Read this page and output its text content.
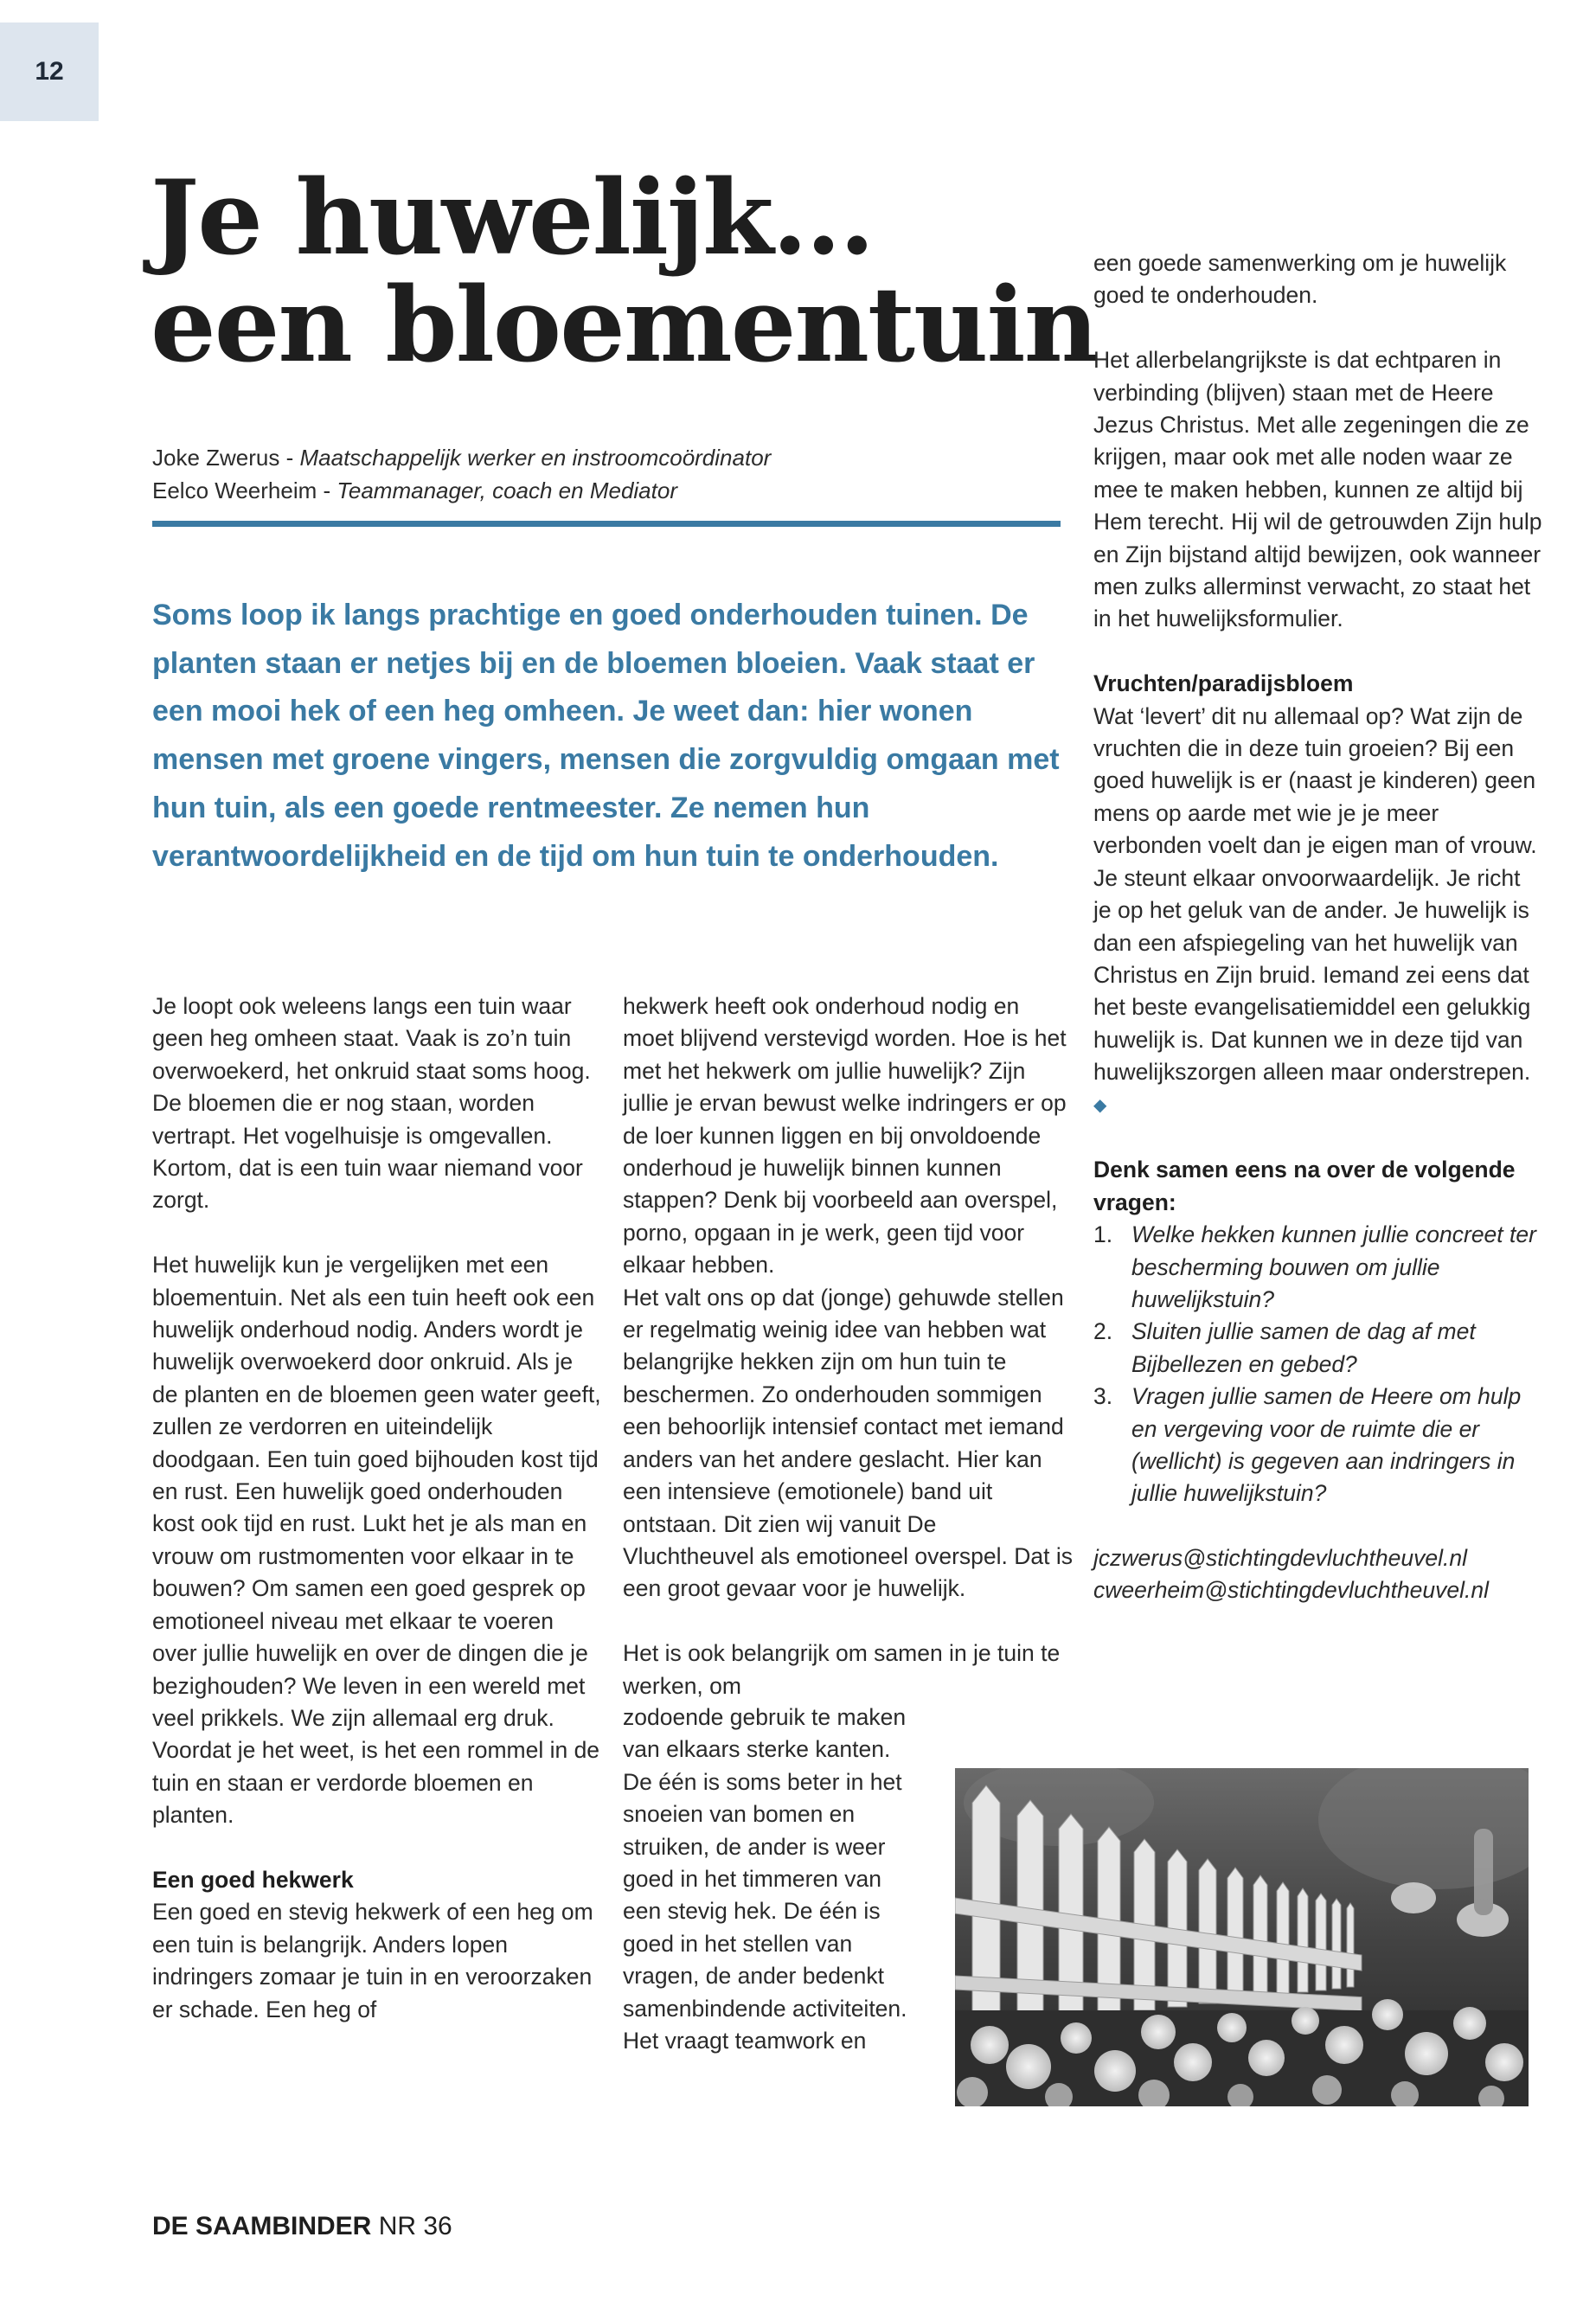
12
Je huwelijk…
een bloementuin
Joke Zwerus - Maatschappelijk werker en instroomcoördinator
Eelco Weerheim - Teammanager, coach en Mediator

Soms loop ik langs prachtige en goed onderhouden tuinen. De planten staan er netjes bij en de bloemen bloeien. Vaak staat er een mooi hek of een heg omheen. Je weet dan: hier wonen mensen met groene vingers, mensen die zorgvuldig omgaan met hun tuin, als een goede rentmeester. Ze nemen hun verantwoordelijkheid en de tijd om hun tuin te onderhouden.

Je loopt ook weleens langs een tuin waar geen heg omheen staat. Vaak is zo’n tuin overwoekerd, het onkruid staat soms hoog. De bloemen die er nog staan, worden vertrapt. Het vogelhuisje is omgevallen. Kortom, dat is een tuin waar niemand voor zorgt.

Het huwelijk kun je vergelijken met een bloementuin. Net als een tuin heeft ook een huwelijk onderhoud nodig. Anders wordt je huwelijk overwoekerd door onkruid. Als je de planten en de bloemen geen water geeft, zullen ze verdorren en uiteindelijk doodgaan. Een tuin goed bijhouden kost tijd en rust. Een huwelijk goed onderhouden kost ook tijd en rust. Lukt het je als man en vrouw om rustmomenten voor elkaar in te bouwen? Om samen een goed gesprek op emotioneel niveau met elkaar te voeren over jullie huwelijk en over de dingen die je bezighouden? We leven in een wereld met veel prikkels. We zijn allemaal erg druk. Voordat je het weet, is het een rommel in de tuin en staan er verdorde bloemen en planten.

Een goed hekwerk

Een goed en stevig hekwerk of een heg om een tuin is belangrijk. Anders lopen indringers zomaar je tuin in en veroorzaken er schade. Een heg of

hekwerk heeft ook onderhoud nodig en moet blijvend verstevigd worden. Hoe is het met het hekwerk om jullie huwelijk? Zijn jullie je ervan bewust welke indringers er op de loer kunnen liggen en bij onvoldoende onderhoud je huwelijk binnen kunnen stappen? Denk bij voorbeeld aan overspel, porno, opgaan in je werk, geen tijd voor elkaar hebben.

Het valt ons op dat (jonge) gehuwde stellen er regelmatig weinig idee van hebben wat belangrijke hekken zijn om hun tuin te beschermen. Zo onderhouden sommigen een behoorlijk intensief contact met iemand anders van het andere geslacht. Hier kan een intensieve (emotionele) band uit ontstaan. Dit zien wij vanuit De Vluchtheuvel als emotioneel overspel. Dat is een groot gevaar voor je huwelijk.

Het is ook belangrijk om samen in je tuin te werken, om

zodoende gebruik te maken van elkaars sterke kanten. De één is soms beter in het snoeien van bomen en struiken, de ander is weer goed in het timmeren van een stevig hek. De één is goed in het stellen van vragen, de ander bedenkt samenbindende activiteiten. Het vraagt teamwork en

een goede samenwerking om je huwelijk goed te onderhouden.

Het allerbelangrijkste is dat echtparen in verbinding (blijven) staan met de Heere Jezus Christus. Met alle zegeningen die ze krijgen, maar ook met alle noden waar ze mee te maken hebben, kunnen ze altijd bij Hem terecht. Hij wil de getrouwden Zijn hulp en Zijn bijstand altijd bewijzen, ook wanneer men zulks allerminst verwacht, zo staat het in het huwelijksformulier.

Vruchten/paradijsbloem

Wat ‘levert’ dit nu allemaal op? Wat zijn de vruchten die in deze tuin groeien? Bij een goed huwelijk is er (naast je kinderen) geen mens op aarde met wie je je meer verbonden voelt dan je eigen man of vrouw. Je steunt elkaar onvoorwaardelijk. Je richt je op het geluk van de ander. Je huwelijk is dan een afspiegeling van het huwelijk van Christus en Zijn bruid. Iemand zei eens dat het beste evangelisatiemiddel een gelukkig huwelijk is. Dat kunnen we in deze tijd van huwelijkszorgen alleen maar onderstrepen. ◆

Denk samen eens na over de volgende vragen:
1. Welke hekken kunnen jullie concreet ter bescherming bouwen om jullie huwelijkstuin?
2. Sluiten jullie samen de dag af met Bijbellezen en gebed?
3. Vragen jullie samen de Heere om hulp en vergeving voor de ruimte die er (wellicht) is gegeven aan indringers in jullie huwelijkstuin?
jczwerus@stichtingdevluchtheuvel.nl
cweerheim@stichtingdevluchtheuvel.nl
DE SAAMBINDER NR 36
